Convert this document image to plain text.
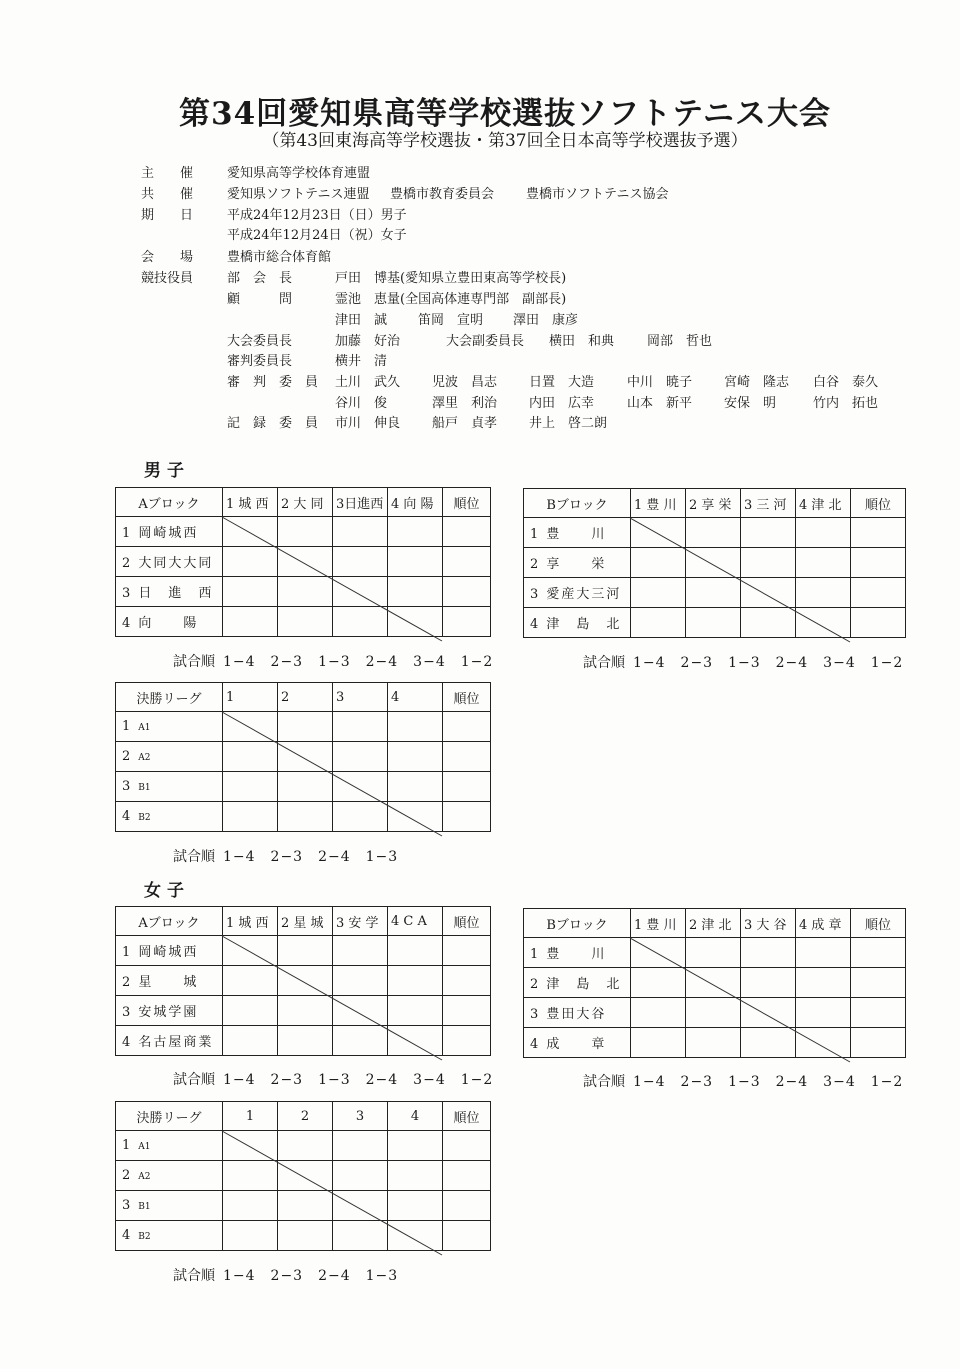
第34回愛知県高等学校選抜ソフトテニス大会
（第43回東海高等学校選抜・第37回全日本高等学校選抜予選）
主　　催	愛知県高等学校体育連盟
共　　催	愛知県ソフトテニス連盟 豊橋市教育委員会 豊橋市ソフトテニス協会
期　　日	平成24年12月23日（日）男子
平成24年12月24日（祝）女子
会　　場	豊橋市総合体育館
競技役員	部　会　長	戸田　博基(愛知県立豊田東高等学校長)
顧　　　問	霊池　恵量(全国高体連専門部　副部長)
津田　誠 笛岡　宣明 澤田　康彦
大会委員長	加藤　好治	大会副委員長 横田　和典	岡部　哲也
審判委員長	横井　清
審　判　委　員 土川　武久 児波　昌志 日置　大造	中川　暁子 宮崎　隆志 白谷　泰久
谷川　俊	澤里　利治 内田　広幸	山本　新平 安保　明	竹内　拓也
記　録　委　員 市川　伸良 船戸　貞孝 井上　啓二朗
男子
Aブロック	1 城 西	2 大 同	3日進西	4 向 陽	順位
1 岡崎城西					
2 大同大大同					
3 日　進　西					
4 向　　陽					
試合順 1−4　2−3　1−3　2−4　3−4　1−2
Bブロック	1 豊 川	2 享 栄	3 三 河	4 津 北	順位
1 豊　　川					
2 享　　栄					
3 愛産大三河					
4 津　島　北					
試合順 1−4　2−3　1−3　2−4　3−4　1−2
決勝リーグ	1	2	3	4	順位
1 A1					
2 A2					
3 B1					
4 B2					
試合順 1−4　2−3　2−4　1−3
Aブロック	1 城 西	2 星 城	3 安 学	4 C A	順位
1 岡崎城西					
2 星　　城					
3 安城学園					
4 名古屋商業					
試合順 1−4　2−3　1−3　2−4　3−4　1−2
Bブロック	1 豊 川	2 津 北	3 大 谷	4 成 章	順位
1 豊　　川					
2 津　島　北					
3 豊田大谷					
4 成　　章					
試合順 1−4　2−3　1−3　2−4　3−4　1−2
決勝リーグ	1	2	3	4	順位
1 A1					
2 A2					
3 B1					
4 B2					
試合順 1−4　2−3　2−4　1−3
女子
